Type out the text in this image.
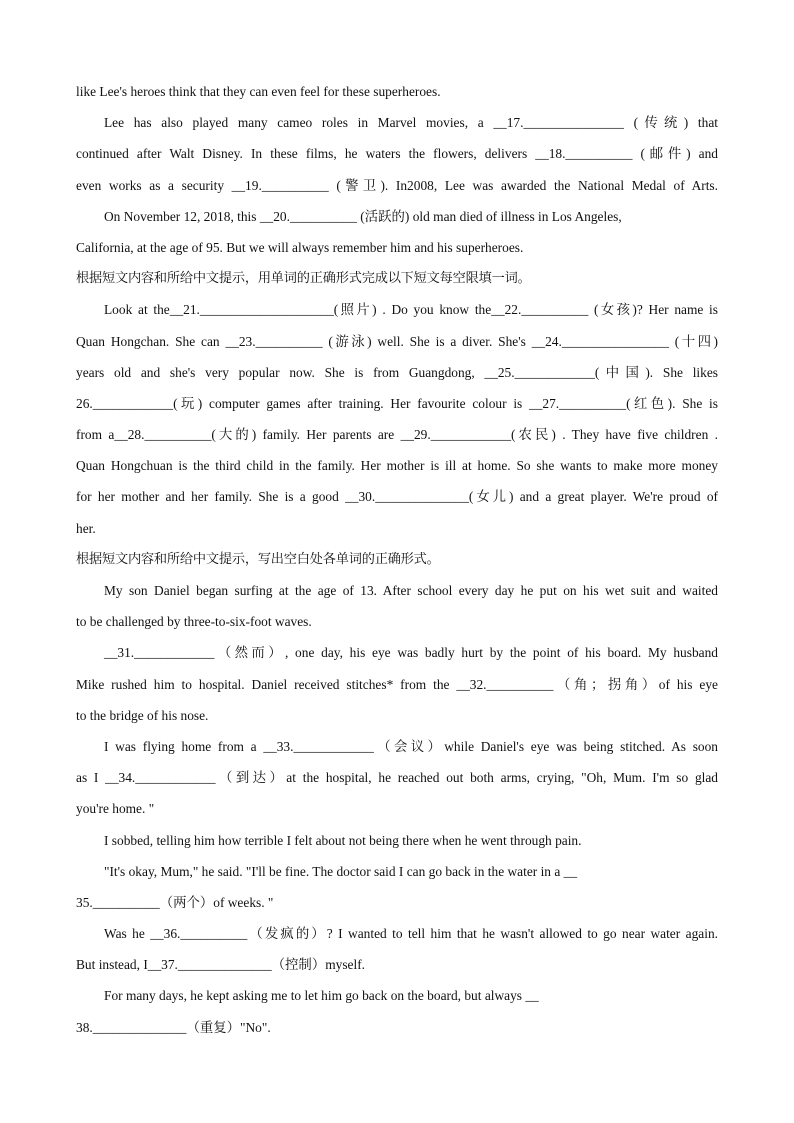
like Lee's heroes think that they can even feel for these superheroes.
Lee has also played many cameo roles in Marvel movies, a __17._______________ (传统) that
continued after Walt Disney. In these films, he waters the flowers, delivers __18.__________ (邮件) and
even works as a security __19.__________ (警卫). In2008, Lee was awarded the National Medal of Arts.
On November 12, 2018, this __20.__________ (活跃的) old man died of illness in Los Angeles,
California, at the age of 95. But we will always remember him and his superheroes.
根据短文内容和所给中文提示，用单词的正确形式完成以下短文每空限填一词。
Look at the__21.____________________(照片) . Do you know the__22.__________ (女孩)? Her name is
Quan Hongchan. She can __23.__________ (游泳) well. She is a diver. She's __24.________________ (十四)
years old and she's very popular now. She is from Guangdong, __25.____________(中国). She likes
26.____________(玩) computer games after training. Her favourite colour is __27.__________(红色). She is
from a__28.__________(大的) family. Her parents are __29.____________(农民) . They have five children .
Quan Hongchuan is the third child in the family. Her mother is ill at home. So she wants to make more money
for her mother and her family. She is a good __30.______________(女儿) and a great player. We're proud of
her.
根据短文内容和所给中文提示，写出空白处各单词的正确形式。
My son Daniel began surfing at the age of 13. After school every day he put on his wet suit and waited
to be challenged by three-to-six-foot waves.
__31.____________（然而）, one day, his eye was badly hurt by the point of his board. My husband
Mike rushed him to hospital. Daniel received stitches* from the __32.__________（角；拐角）of his eye
to the bridge of his nose.
I was flying home from a __33.____________（会议）while Daniel's eye was being stitched. As soon
as I __34.____________（到达）at the hospital, he reached out both arms, crying, "Oh, Mum. I'm so glad
you're home. "
I sobbed, telling him how terrible I felt about not being there when he went through pain.
"It's okay, Mum," he said. "I'll be fine. The doctor said I can go back in the water in a __
35.__________（两个）of weeks. "
Was he __36.__________（发疯的）? I wanted to tell him that he wasn't allowed to go near water again.
But instead, I__37.______________（控制）myself.
For many days, he kept asking me to let him go back on the board, but always __
38.______________（重复）"No".
